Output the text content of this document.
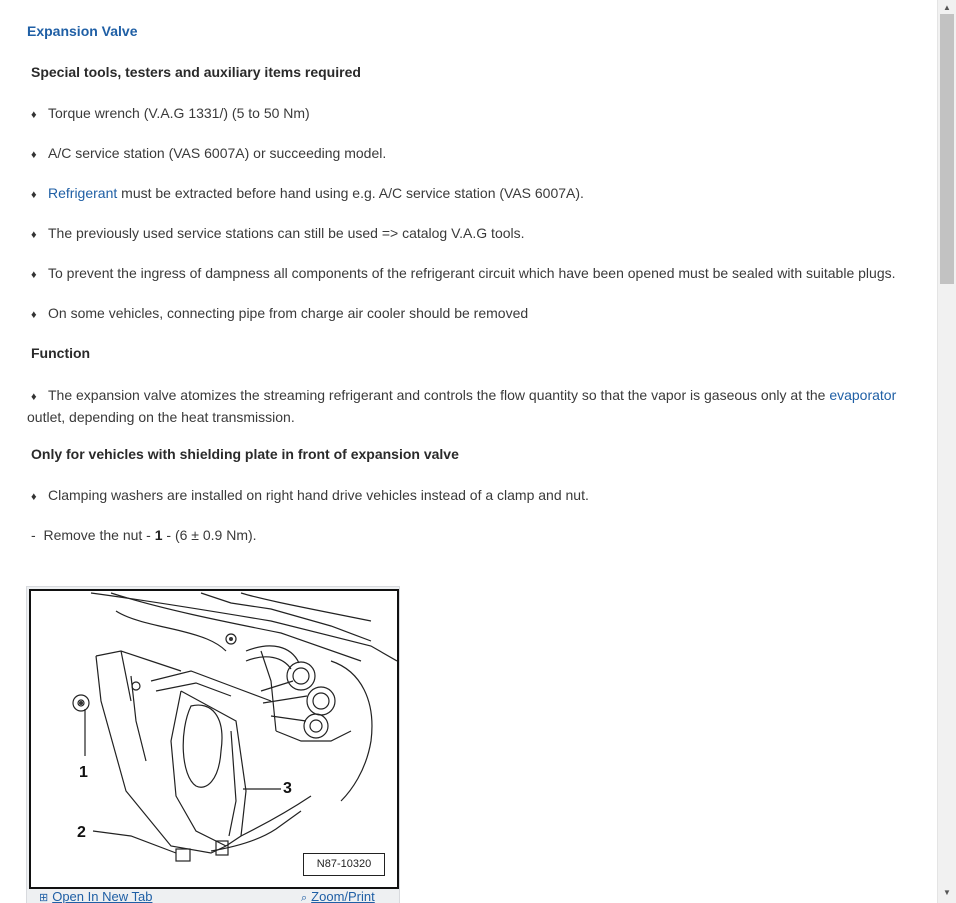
Expansion Valve
Special tools, testers and auxiliary items required
♦ Torque wrench (V.A.G 1331/) (5 to 50 Nm)
♦ A/C service station (VAS 6007A) or succeeding model.
♦ Refrigerant must be extracted before hand using e.g. A/C service station (VAS 6007A).
♦ The previously used service stations can still be used => catalog V.A.G tools.
♦ To prevent the ingress of dampness all components of the refrigerant circuit which have been opened must be sealed with suitable plugs.
♦ On some vehicles, connecting pipe from charge air cooler should be removed
Function
♦ The expansion valve atomizes the streaming refrigerant and controls the flow quantity so that the vapor is gaseous only at the evaporator outlet, depending on the heat transmission.
Only for vehicles with shielding plate in front of expansion valve
♦ Clamping washers are installed on right hand drive vehicles instead of a clamp and nut.
- Remove the nut - 1 - (6 ± 0.9 Nm).
1
2
3
N87-10320
⊞ Open In New Tab	⌕ Zoom/Print
▲
▼
